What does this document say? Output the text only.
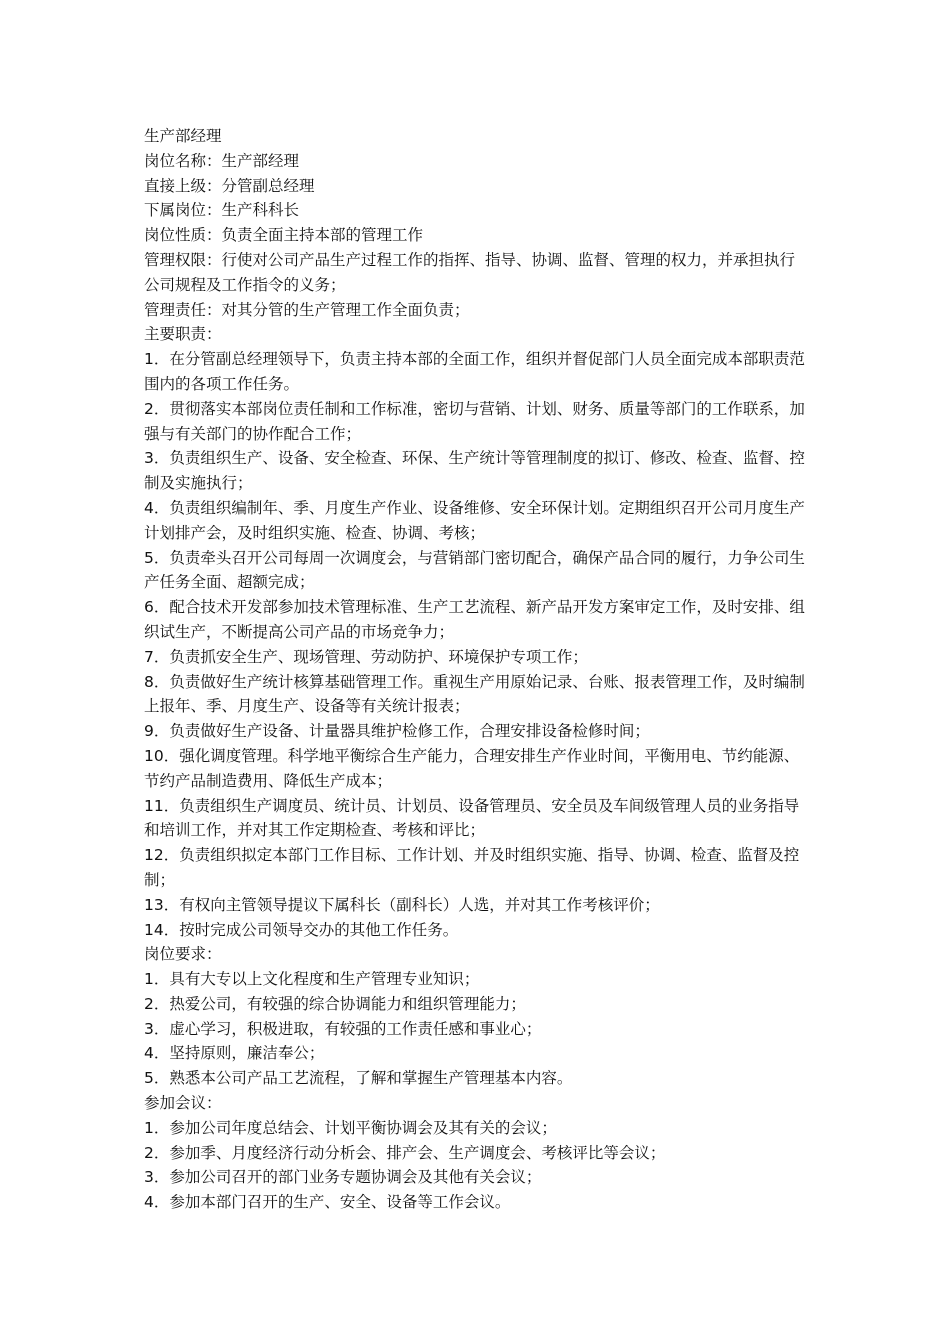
生产部经理

岗位名称：生产部经理

直接上级：分管副总经理

下属岗位：生产科科长

岗位性质：负责全面主持本部的管理工作

管理权限：行使对公司产品生产过程工作的指挥、指导、协调、监督、管理的权力，并承担执行公司规程及工作指令的义务；

管理责任：对其分管的生产管理工作全面负责；

主要职责：

1．在分管副总经理领导下，负责主持本部的全面工作，组织并督促部门人员全面完成本部职责范围内的各项工作任务。

2．贯彻落实本部岗位责任制和工作标准，密切与营销、计划、财务、质量等部门的工作联系，加强与有关部门的协作配合工作；

3．负责组织生产、设备、安全检查、环保、生产统计等管理制度的拟订、修改、检查、监督、控制及实施执行；

4．负责组织编制年、季、月度生产作业、设备维修、安全环保计划。定期组织召开公司月度生产计划排产会，及时组织实施、检查、协调、考核；

5．负责牵头召开公司每周一次调度会，与营销部门密切配合，确保产品合同的履行，力争公司生产任务全面、超额完成；

6．配合技术开发部参加技术管理标准、生产工艺流程、新产品开发方案审定工作，及时安排、组织试生产，不断提高公司产品的市场竞争力；

7．负责抓安全生产、现场管理、劳动防护、环境保护专项工作；

8．负责做好生产统计核算基础管理工作。重视生产用原始记录、台账、报表管理工作，及时编制上报年、季、月度生产、设备等有关统计报表；

9．负责做好生产设备、计量器具维护检修工作，合理安排设备检修时间；

10．强化调度管理。科学地平衡综合生产能力，合理安排生产作业时间，平衡用电、节约能源、节约产品制造费用、降低生产成本；

11．负责组织生产调度员、统计员、计划员、设备管理员、安全员及车间级管理人员的业务指导和培训工作，并对其工作定期检查、考核和评比；

12．负责组织拟定本部门工作目标、工作计划、并及时组织实施、指导、协调、检查、监督及控制；

13．有权向主管领导提议下属科长（副科长）人选，并对其工作考核评价；

14．按时完成公司领导交办的其他工作任务。

岗位要求：

1．具有大专以上文化程度和生产管理专业知识；

2．热爱公司，有较强的综合协调能力和组织管理能力；

3．虚心学习，积极进取，有较强的工作责任感和事业心；

4．坚持原则，廉洁奉公；

5．熟悉本公司产品工艺流程，了解和掌握生产管理基本内容。

参加会议：

1．参加公司年度总结会、计划平衡协调会及其有关的会议；

2．参加季、月度经济行动分析会、排产会、生产调度会、考核评比等会议；

3．参加公司召开的部门业务专题协调会及其他有关会议；

4．参加本部门召开的生产、安全、设备等工作会议。
